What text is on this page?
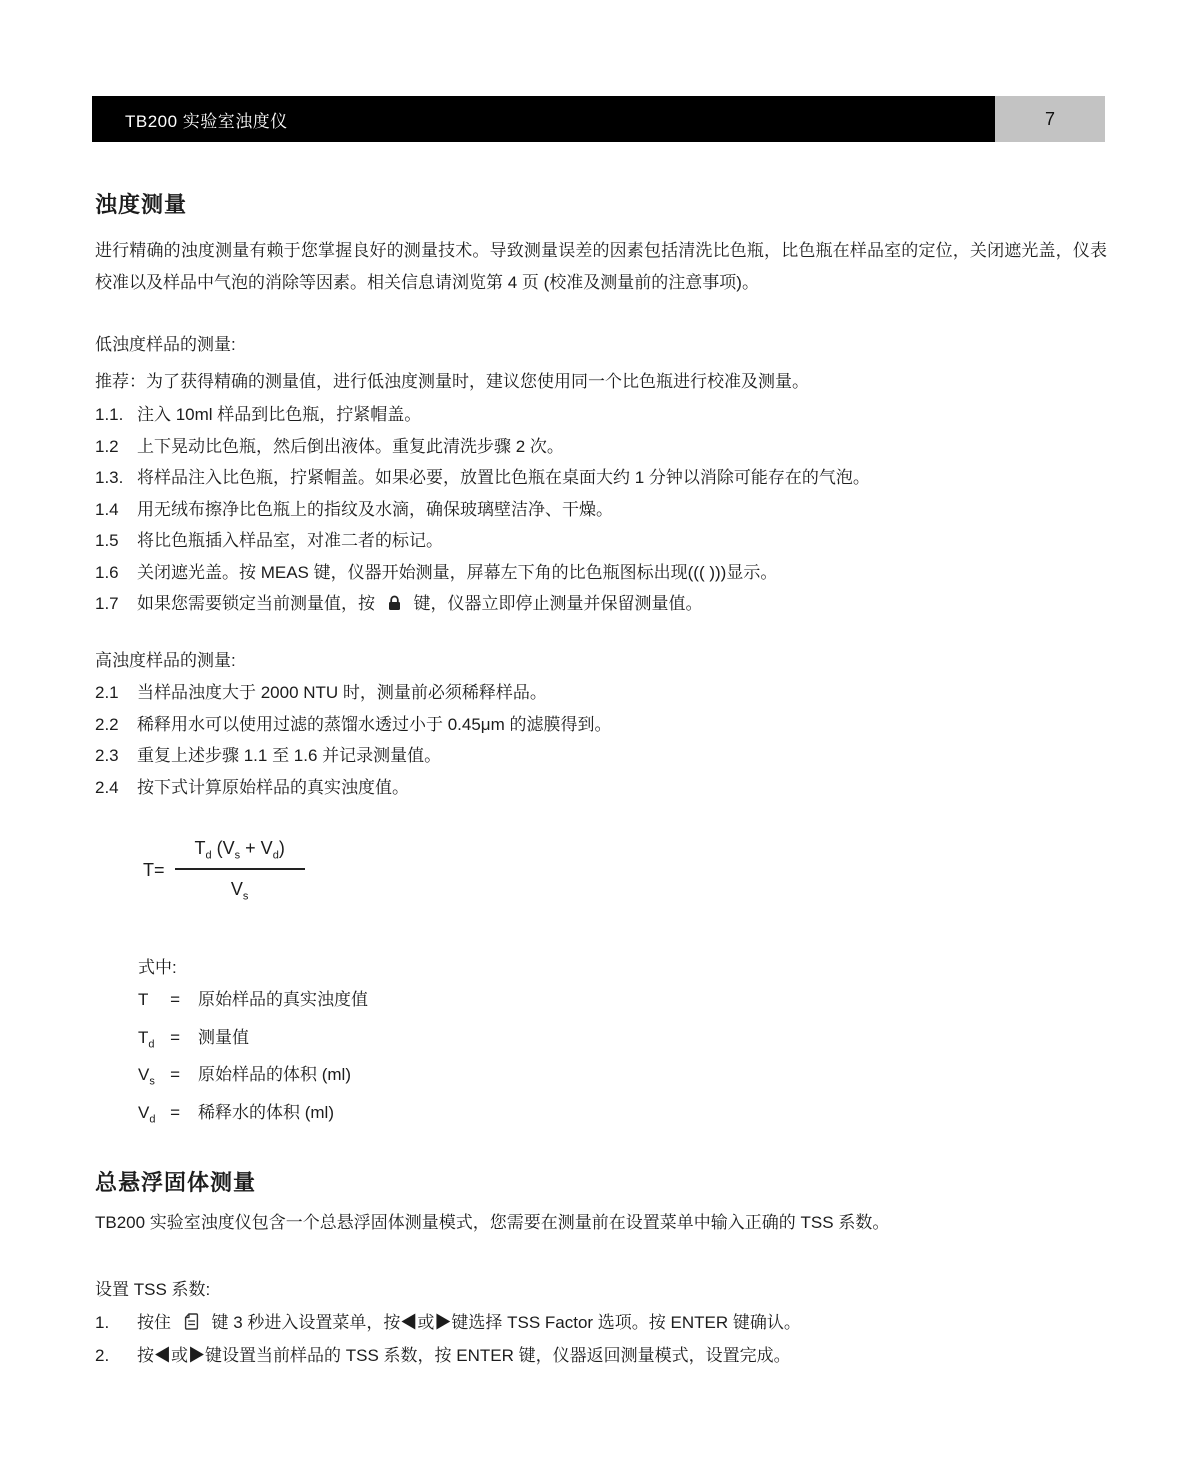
TB200 实验室浊度仪	7
浊度测量

进行精确的浊度测量有赖于您掌握良好的测量技术。导致测量误差的因素包括清洗比色瓶，比色瓶在样品室的定位，关闭遮光盖，仪表校准以及样品中气泡的消除等因素。相关信息请浏览第 4 页 (校准及测量前的注意事项)。

低浊度样品的测量:
推荐：为了获得精确的测量值，进行低浊度测量时，建议您使用同一个比色瓶进行校准及测量。
1.1. 注入 10ml 样品到比色瓶，拧紧帽盖。
1.2	上下晃动比色瓶，然后倒出液体。重复此清洗步骤 2 次。
1.3. 将样品注入比色瓶，拧紧帽盖。如果必要，放置比色瓶在桌面大约 1 分钟以消除可能存在的气泡。
1.4	用无绒布擦净比色瓶上的指纹及水滴，确保玻璃壁洁净、干燥。
1.5	将比色瓶插入样品室，对准二者的标记。
1.6	关闭遮光盖。按 MEAS 键，仪器开始测量，屏幕左下角的比色瓶图标出现((( )))显示。
1.7	如果您需要锁定当前测量值，按 键，仪器立即停止测量并保留测量值。
高浊度样品的测量:
2.1	当样品浊度大于 2000 NTU 时，测量前必须稀释样品。
2.2	稀释用水可以使用过滤的蒸馏水透过小于 0.45μm 的滤膜得到。
2.3	重复上述步骤 1.1 至 1.6 并记录测量值。
2.4	按下式计算原始样品的真实浊度值。
$T= \frac{T_d (V_s + V_d)}{V_s}$
式中:
T = 原始样品的真实浊度值
$T_d$ = 测量值
$V_s$ = 原始样品的体积 (ml)
$V_d$ = 稀释水的体积 (ml)
总悬浮固体测量

TB200 实验室浊度仪包含一个总悬浮固体测量模式，您需要在测量前在设置菜单中输入正确的 TSS 系数。

设置 TSS 系数:
1.	按住 键 3 秒进入设置菜单，按◀或▶键选择 TSS Factor 选项。按 ENTER 键确认。
2.	按◀或▶键设置当前样品的 TSS 系数，按 ENTER 键，仪器返回测量模式，设置完成。
